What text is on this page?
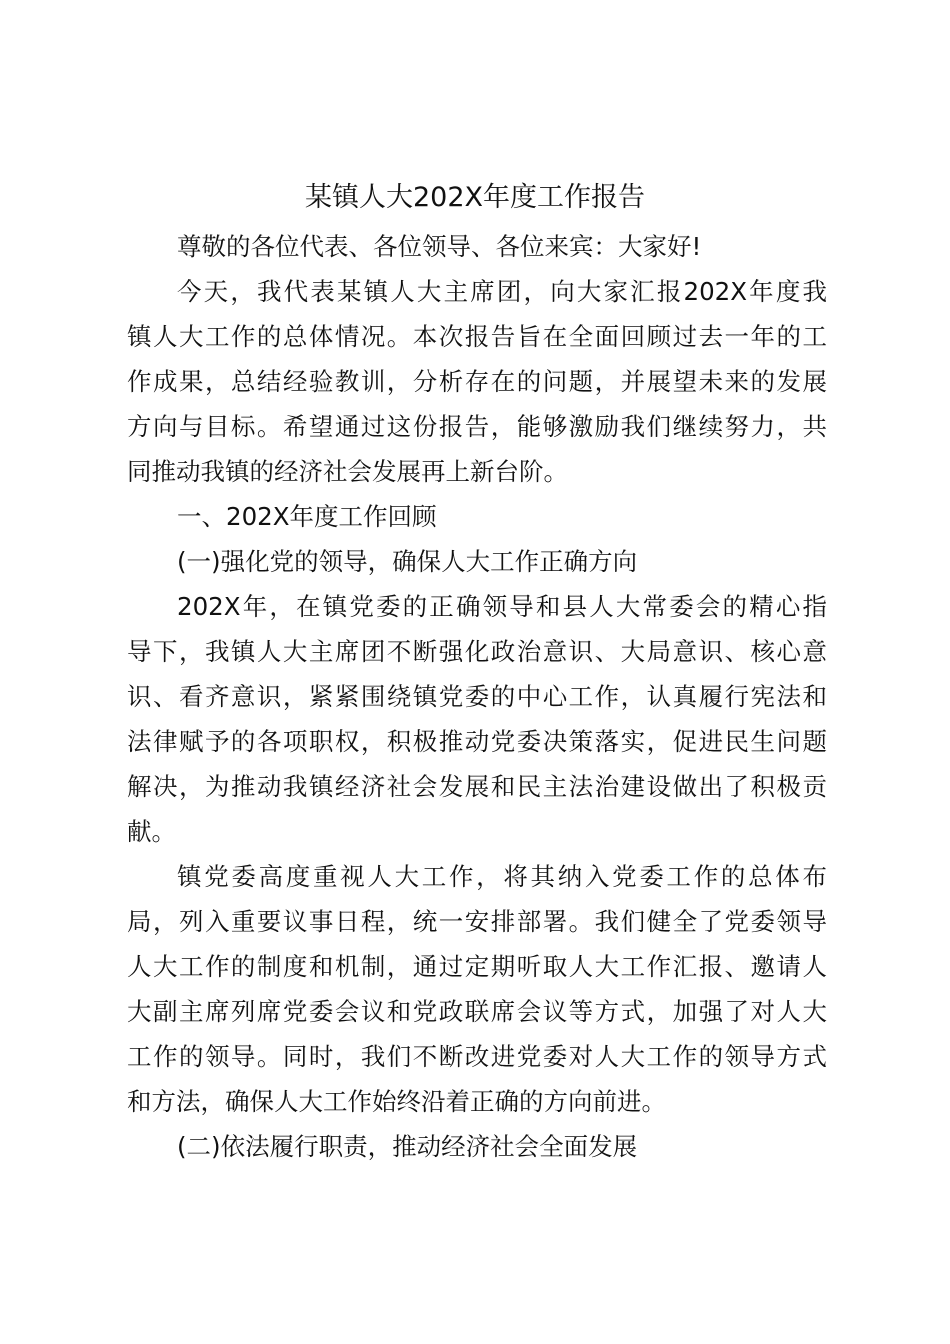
某镇人大202X年度工作报告
尊敬的各位代表、各位领导、各位来宾：大家好!
今天，我代表某镇人大主席团，向大家汇报202X年度我
镇人大工作的总体情况。本次报告旨在全面回顾过去一年的工
作成果，总结经验教训，分析存在的问题，并展望未来的发展
方向与目标。希望通过这份报告，能够激励我们继续努力，共
同推动我镇的经济社会发展再上新台阶。
一、202X年度工作回顾
(一)强化党的领导，确保人大工作正确方向
202X年，在镇党委的正确领导和县人大常委会的精心指
导下，我镇人大主席团不断强化政治意识、大局意识、核心意
识、看齐意识，紧紧围绕镇党委的中心工作，认真履行宪法和
法律赋予的各项职权，积极推动党委决策落实，促进民生问题
解决，为推动我镇经济社会发展和民主法治建设做出了积极贡
献。
镇党委高度重视人大工作，将其纳入党委工作的总体布
局，列入重要议事日程，统一安排部署。我们健全了党委领导
人大工作的制度和机制，通过定期听取人大工作汇报、邀请人
大副主席列席党委会议和党政联席会议等方式，加强了对人大
工作的领导。同时，我们不断改进党委对人大工作的领导方式
和方法，确保人大工作始终沿着正确的方向前进。
(二)依法履行职责，推动经济社会全面发展
